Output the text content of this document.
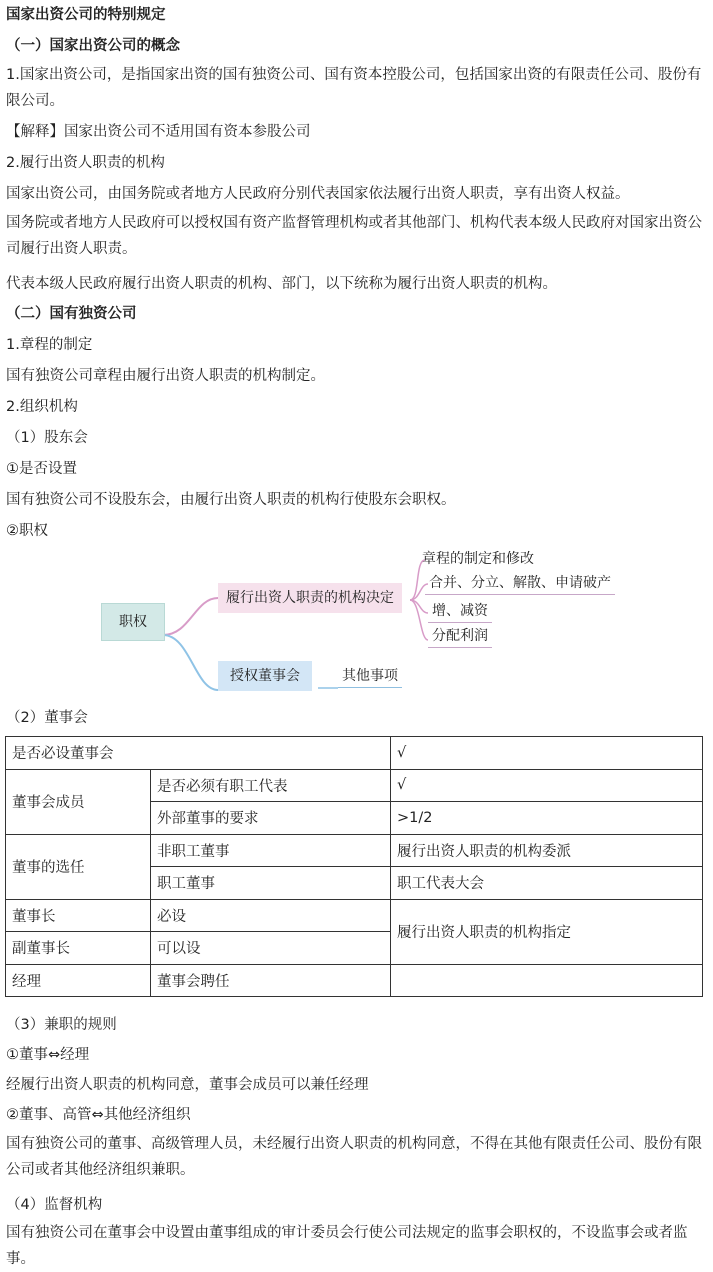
国家出资公司的特别规定
（一）国家出资公司的概念
1.国家出资公司，是指国家出资的国有独资公司、国有资本控股公司，包括国家出资的有限责任公司、股份有限公司。
【解释】国家出资公司不适用国有资本参股公司
2.履行出资人职责的机构
国家出资公司，由国务院或者地方人民政府分别代表国家依法履行出资人职责，享有出资人权益。
国务院或者地方人民政府可以授权国有资产监督管理机构或者其他部门、机构代表本级人民政府对国家出资公司履行出资人职责。
代表本级人民政府履行出资人职责的机构、部门，以下统称为履行出资人职责的机构。
（二）国有独资公司
1.章程的制定
国有独资公司章程由履行出资人职责的机构制定。
2.组织机构
（1）股东会
①是否设置
国有独资公司不设股东会，由履行出资人职责的机构行使股东会职权。
②职权
职权
履行出资人职责的机构决定
章程的制定和修改
合并、分立、解散、申请破产
增、减资
分配利润
授权董事会	其他事项
（2）董事会
是否必设董事会		√
董事会成员	是否必须有职工代表	√
	外部董事的要求	>1/2
董事的选任	非职工董事	履行出资人职责的机构委派
	职工董事	职工代表大会
董事长	必设	履行出资人职责的机构指定
副董事长	可以设	
经理	董事会聘任	
（3）兼职的规则
①董事⇔经理
经履行出资人职责的机构同意，董事会成员可以兼任经理
②董事、高管⇔其他经济组织
国有独资公司的董事、高级管理人员，未经履行出资人职责的机构同意，不得在其他有限责任公司、股份有限公司或者其他经济组织兼职。
（4）监督机构
国有独资公司在董事会中设置由董事组成的审计委员会行使公司法规定的监事会职权的，不设监事会或者监事。
